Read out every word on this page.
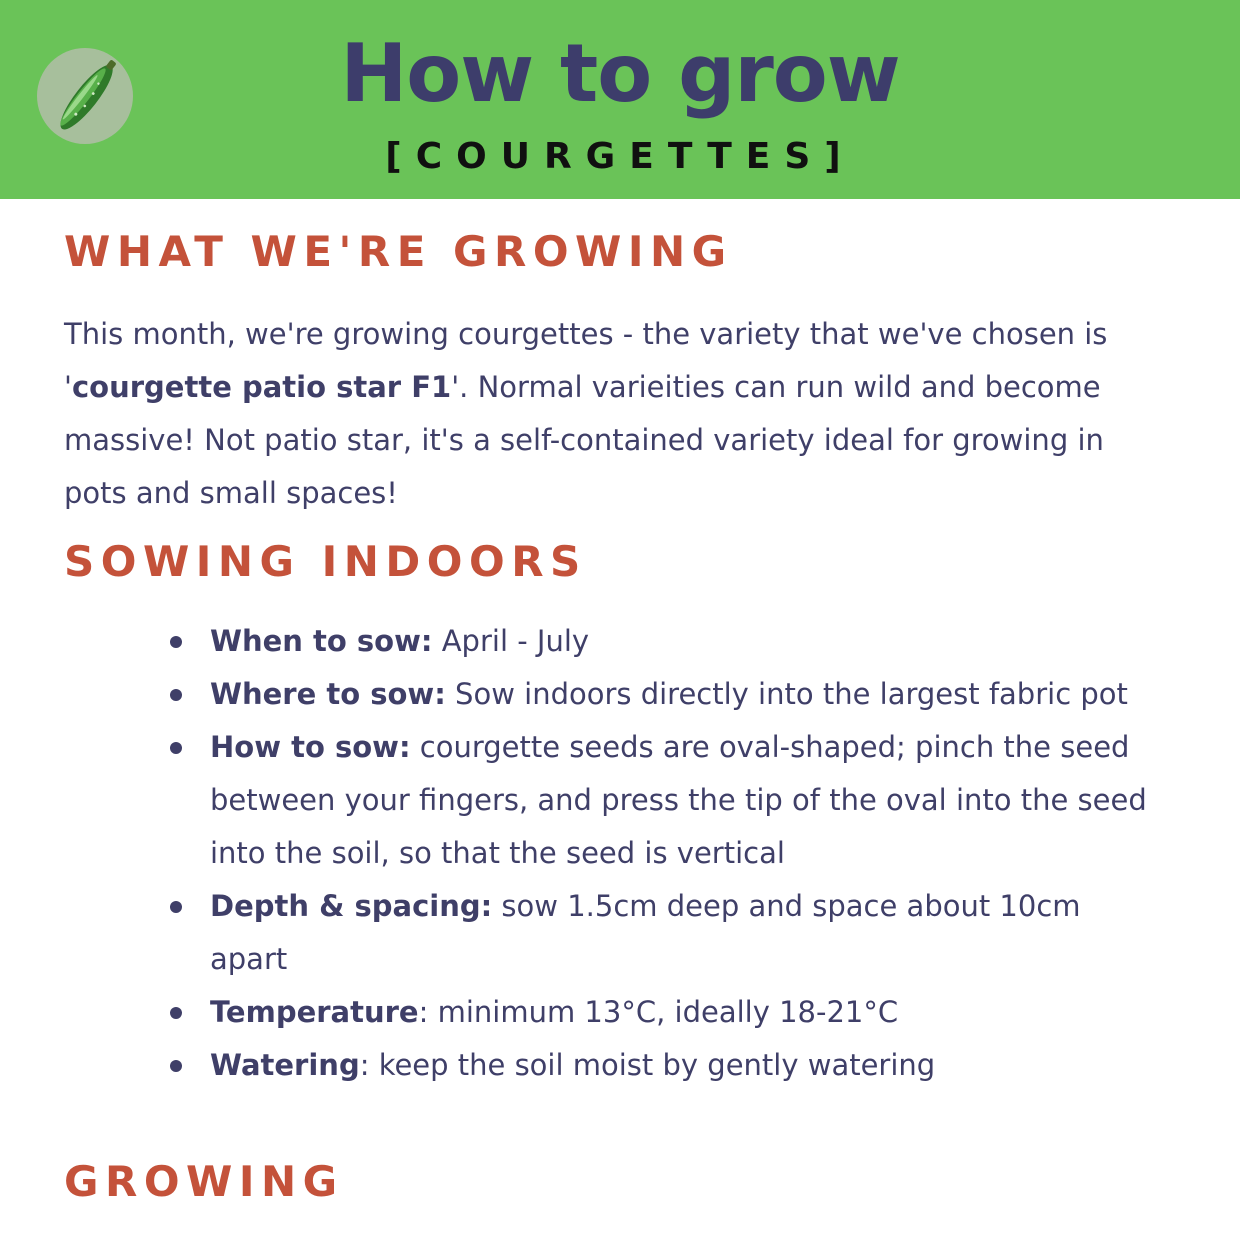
How to grow
[COURGETTES]
WHAT WE'RE GROWING

This month, we're growing courgettes - the variety that we've chosen is 'courgette patio star F1'. Normal varieities can run wild and become massive! Not patio star, it's a self-contained variety ideal for growing in pots and small spaces!

SOWING INDOORS
When to sow: April - July
Where to sow: Sow indoors directly into the largest fabric pot
How to sow: courgette seeds are oval-shaped; pinch the seed between your fingers, and press the tip of the oval into the seed into the soil, so that the seed is vertical
Depth & spacing: sow 1.5cm deep and space about 10cm apart
Temperature: minimum 13°C, ideally 18-21°C
Watering: keep the soil moist by gently watering
GROWING
